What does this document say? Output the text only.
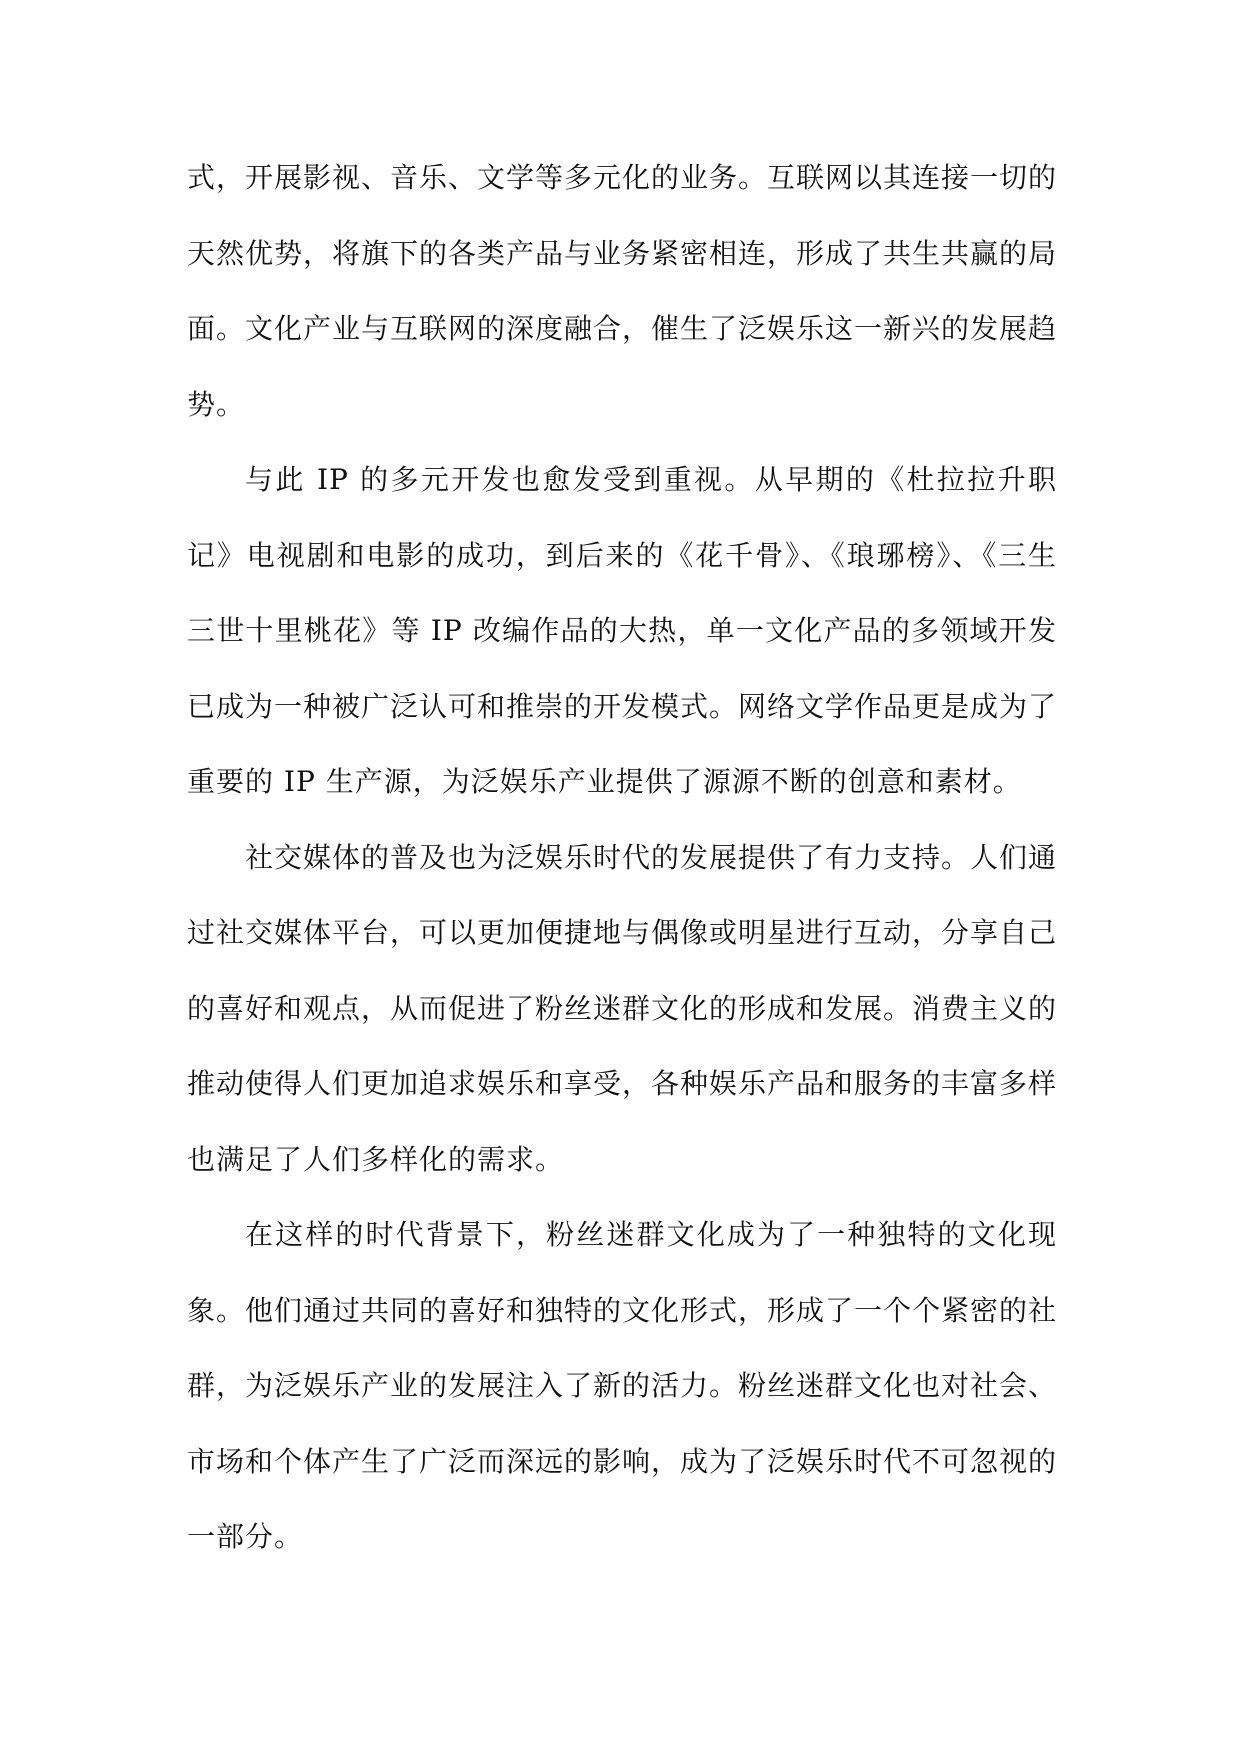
式，开展影视、音乐、文学等多元化的业务。互联网以其连接一切的天然优势，将旗下的各类产品与业务紧密相连，形成了共生共赢的局面。文化产业与互联网的深度融合，催生了泛娱乐这一新兴的发展趋势。

与此 IP 的多元开发也愈发受到重视。从早期的《杜拉拉升职记》电视剧和电影的成功，到后来的《花千骨》、《琅琊榜》、《三生三世十里桃花》等 IP 改编作品的大热，单一文化产品的多领域开发已成为一种被广泛认可和推崇的开发模式。网络文学作品更是成为了重要的 IP 生产源，为泛娱乐产业提供了源源不断的创意和素材。

社交媒体的普及也为泛娱乐时代的发展提供了有力支持。人们通过社交媒体平台，可以更加便捷地与偶像或明星进行互动，分享自己的喜好和观点，从而促进了粉丝迷群文化的形成和发展。消费主义的推动使得人们更加追求娱乐和享受，各种娱乐产品和服务的丰富多样也满足了人们多样化的需求。

在这样的时代背景下，粉丝迷群文化成为了一种独特的文化现象。他们通过共同的喜好和独特的文化形式，形成了一个个紧密的社群，为泛娱乐产业的发展注入了新的活力。粉丝迷群文化也对社会、市场和个体产生了广泛而深远的影响，成为了泛娱乐时代不可忽视的一部分。
